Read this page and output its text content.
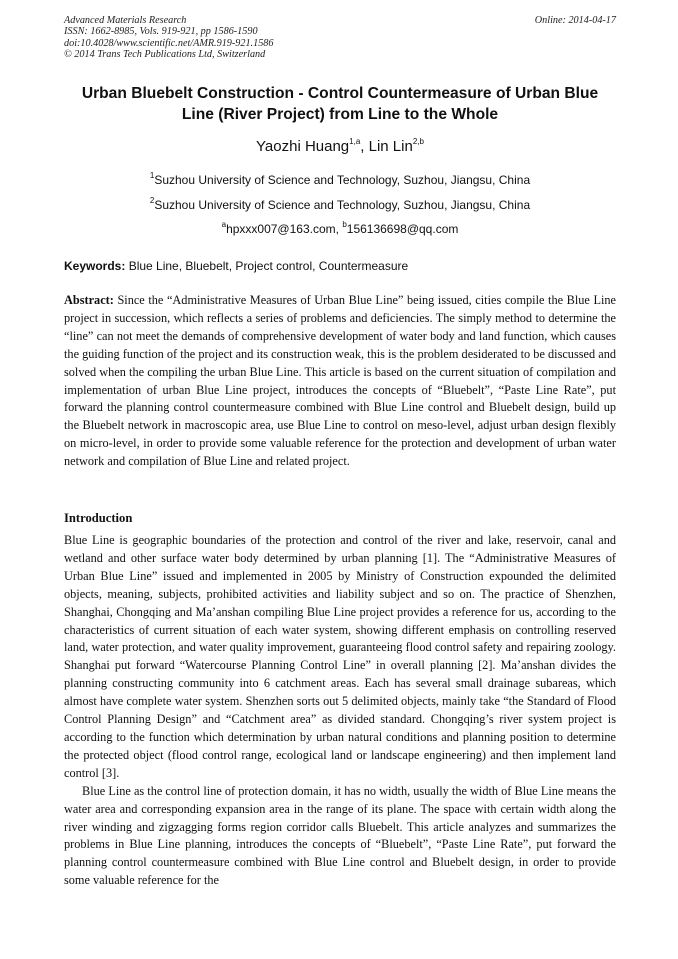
Advanced Materials Research
ISSN: 1662-8985, Vols. 919-921, pp 1586-1590
doi:10.4028/www.scientific.net/AMR.919-921.1586
© 2014 Trans Tech Publications Ltd, Switzerland
Online: 2014-04-17
Urban Bluebelt Construction - Control Countermeasure of Urban Blue Line (River Project) from Line to the Whole
Yaozhi Huang$^{1,a}$, Lin Lin$^{2,b}$
$^1$Suzhou University of Science and Technology, Suzhou, Jiangsu, China
$^2$Suzhou University of Science and Technology, Suzhou, Jiangsu, China
$^a$hpxxx007@163.com, $^b$156136698@qq.com
Keywords: Blue Line, Bluebelt, Project control, Countermeasure

Abstract: Since the “Administrative Measures of Urban Blue Line” being issued, cities compile the Blue Line project in succession, which reflects a series of problems and deficiencies. The simply method to determine the “line” can not meet the demands of comprehensive development of water body and land function, which causes the guiding function of the project and its construction weak, this is the problem desiderated to be discussed and solved when the compiling the urban Blue Line. This article is based on the current situation of compilation and implementation of urban Blue Line project, introduces the concepts of “Bluebelt”, “Paste Line Rate”, put forward the planning control countermeasure combined with Blue Line control and Bluebelt design, build up the Bluebelt network in macroscopic area, use Blue Line to control on meso-level, adjust urban design flexibly on micro-level, in order to provide some valuable reference for the protection and development of urban water network and compilation of Blue Line and related project.

Introduction

Blue Line is geographic boundaries of the protection and control of the river and lake, reservoir, canal and wetland and other surface water body determined by urban planning [1]. The “Administrative Measures of Urban Blue Line” issued and implemented in 2005 by Ministry of Construction expounded the delimited objects, meaning, subjects, prohibited activities and liability subject and so on. The practice of Shenzhen, Shanghai, Chongqing and Ma’anshan compiling Blue Line project provides a reference for us, according to the characteristics of current situation of each water system, showing different emphasis on controlling reserved land, water protection, and water quality improvement, guaranteeing flood control safety and repairing zoology. Shanghai put forward “Watercourse Planning Control Line” in overall planning [2]. Ma’anshan divides the planning constructing community into 6 catchment areas. Each has several small drainage subareas, which almost have complete water system. Shenzhen sorts out 5 delimited objects, mainly take “the Standard of Flood Control Planning Design” and “Catchment area” as divided standard. Chongqing’s river system project is according to the function which determination by urban natural conditions and planning position to determine the protected object (flood control range, ecological land or landscape engineering) and then implement land control [3].

Blue Line as the control line of protection domain, it has no width, usually the width of Blue Line means the water area and corresponding expansion area in the range of its plane. The space with certain width along the river winding and zigzagging forms region corridor calls Bluebelt. This article analyzes and summarizes the problems in Blue Line planning, introduces the concepts of “Bluebelt”, “Paste Line Rate”, put forward the planning control countermeasure combined with Blue Line control and Bluebelt design, in order to provide some valuable reference for the
